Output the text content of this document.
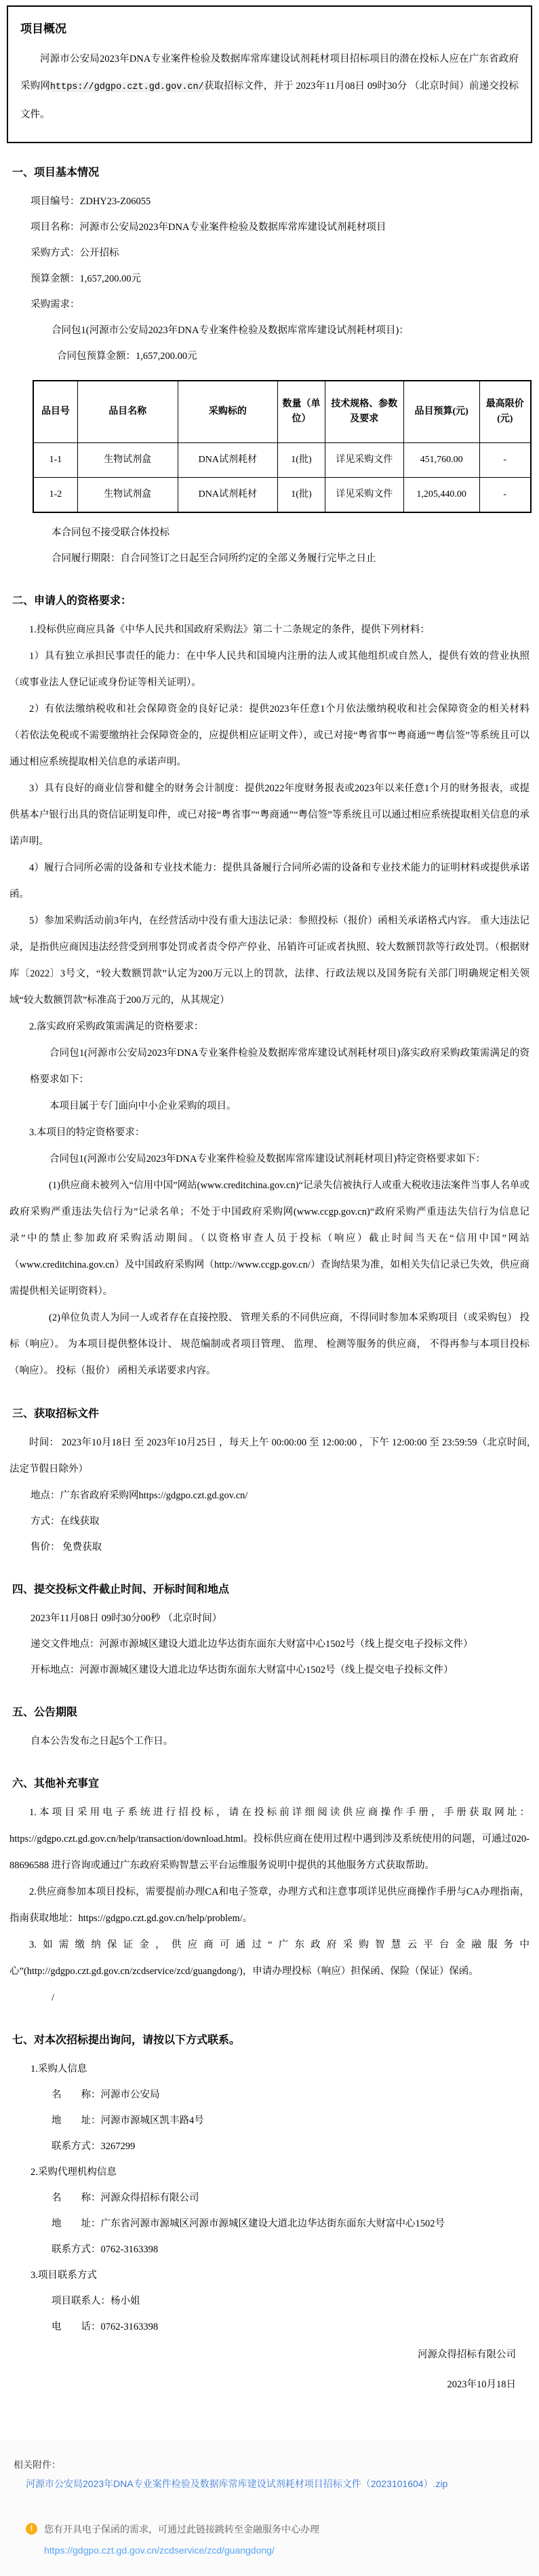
项目概况

河源市公安局2023年DNA专业案件检验及数据库常库建设试剂耗材项目招标项目的潜在投标人应在广东省政府采购网https://gdgpo.czt.gd.gov.cn/获取招标文件，并于 2023年11月08日 09时30分 （北京时间）前递交投标文件。

一、项目基本情况
项目编号：ZDHY23-Z06055
项目名称：河源市公安局2023年DNA专业案件检验及数据库常库建设试剂耗材项目
采购方式：公开招标
预算金额：1,657,200.00元
采购需求：
合同包1(河源市公安局2023年DNA专业案件检验及数据库常库建设试剂耗材项目)：
合同包预算金额：1,657,200.00元
品目号	品目名称	采购标的	数量（单位）	技术规格、参数及要求	品目预算(元)	最高限价(元)
1-1	生物试剂盒	DNA试剂耗材	1(批)	详见采购文件	451,760.00	-
1-2	生物试剂盒	DNA试剂耗材	1(批)	详见采购文件	1,205,440.00	-
本合同包不接受联合体投标
合同履行期限：自合同签订之日起至合同所约定的全部义务履行完毕之日止
二、申请人的资格要求：

1.投标供应商应具备《中华人民共和国政府采购法》第二十二条规定的条件，提供下列材料：

1）具有独立承担民事责任的能力：在中华人民共和国境内注册的法人或其他组织或自然人，提供有效的营业执照（或事业法人登记证或身份证等相关证明）。

2）有依法缴纳税收和社会保障资金的良好记录：提供2023年任意1个月依法缴纳税收和社会保障资金的相关材料（若依法免税或不需要缴纳社会保障资金的，应提供相应证明文件），或已对接“粤省事”“粤商通”“粤信签”等系统且可以通过相应系统提取相关信息的承诺声明。

3）具有良好的商业信誉和健全的财务会计制度：提供2022年度财务报表或2023年以来任意1个月的财务报表，或提供基本户银行出具的资信证明复印件，或已对接“粤省事”“粤商通”“粤信签”等系统且可以通过相应系统提取相关信息的承诺声明。

4）履行合同所必需的设备和专业技术能力：提供具备履行合同所必需的设备和专业技术能力的证明材料或提供承诺函。

5）参加采购活动前3年内，在经营活动中没有重大违法记录：参照投标（报价）函相关承诺格式内容。 重大违法记录，是指供应商因违法经营受到刑事处罚或者责令停产停业、吊销许可证或者执照、较大数额罚款等行政处罚。（根据财库〔2022〕3号文，“较大数额罚款”认定为200万元以上的罚款，法律、行政法规以及国务院有关部门明确规定相关领域“较大数额罚款”标准高于200万元的，从其规定）

2.落实政府采购政策需满足的资格要求：

合同包1(河源市公安局2023年DNA专业案件检验及数据库常库建设试剂耗材项目)落实政府采购政策需满足的资格要求如下：

本项目属于专门面向中小企业采购的项目。

3.本项目的特定资格要求：

合同包1(河源市公安局2023年DNA专业案件检验及数据库常库建设试剂耗材项目)特定资格要求如下：

(1)供应商未被列入“信用中国”网站(www.creditchina.gov.cn)“记录失信被执行人或重大税收违法案件当事人名单或政府采购严重违法失信行为”记录名单；不处于中国政府采购网(www.ccgp.gov.cn)“政府采购严重违法失信行为信息记录”中的禁止参加政府采购活动期间。（以资格审查人员于投标（响应）截止时间当天在“信用中国”网站（www.creditchina.gov.cn）及中国政府采购网（http://www.ccgp.gov.cn/）查询结果为准，如相关失信记录已失效，供应商需提供相关证明资料）。

(2)单位负责人为同一人或者存在直接控股、 管理关系的不同供应商，不得同时参加本采购项目（或采购包） 投标（响应）。 为本项目提供整体设计、 规范编制或者项目管理、 监理、 检测等服务的供应商， 不得再参与本项目投标（响应）。 投标（报价） 函相关承诺要求内容。

三、获取招标文件

时间： 2023年10月18日 至 2023年10月25日 ，每天上午 00:00:00 至 12:00:00 ，下午 12:00:00 至 23:59:59（北京时间,法定节假日除外）

地点：广东省政府采购网https://gdgpo.czt.gd.gov.cn/
方式：在线获取
售价： 免费获取
四、提交投标文件截止时间、开标时间和地点
2023年11月08日 09时30分00秒 （北京时间）
递交文件地点：河源市源城区建设大道北边华达街东面东大财富中心1502号（线上提交电子投标文件）
开标地点：河源市源城区建设大道北边华达街东面东大财富中心1502号（线上提交电子投标文件）
五、公告期限
自本公告发布之日起5个工作日。
六、其他补充事宜

1.本项目采用电子系统进行招投标，请在投标前详细阅读供应商操作手册，手册获取网址：https://gdgpo.czt.gd.gov.cn/help/transaction/download.html。投标供应商在使用过程中遇到涉及系统使用的问题，可通过020-88696588 进行咨询或通过广东政府采购智慧云平台运维服务说明中提供的其他服务方式获取帮助。

2.供应商参加本项目投标，需要提前办理CA和电子签章，办理方式和注意事项详见供应商操作手册与CA办理指南，指南获取地址：https://gdgpo.czt.gd.gov.cn/help/problem/。

3.如需缴纳保证金，供应商可通过“广东政府采购智慧云平台金融服务中心”(http://gdgpo.czt.gd.gov.cn/zcdservice/zcd/guangdong/)，申请办理投标（响应）担保函、保险（保证）保函。

/
七、对本次招标提出询问，请按以下方式联系。
1.采购人信息
名　　称：河源市公安局
地　　址：河源市源城区凯丰路4号
联系方式：3267299
2.采购代理机构信息
名　　称：河源众得招标有限公司
地　　址：广东省河源市源城区河源市源城区建设大道北边华达街东面东大财富中心1502号
联系方式：0762-3163398
3.项目联系方式
项目联系人：杨小姐
电　　话：0762-3163398
河源众得招标有限公司
2023年10月18日
相关附件：
河源市公安局2023年DNA专业案件检验及数据库常库建设试剂耗材项目招标文件（2023101604）.zip
!	您有开具电子保函的需求，可通过此链接跳转至金融服务中心办理

https://gdgpo.czt.gd.gov.cn/zcdservice/zcd/guangdong/
